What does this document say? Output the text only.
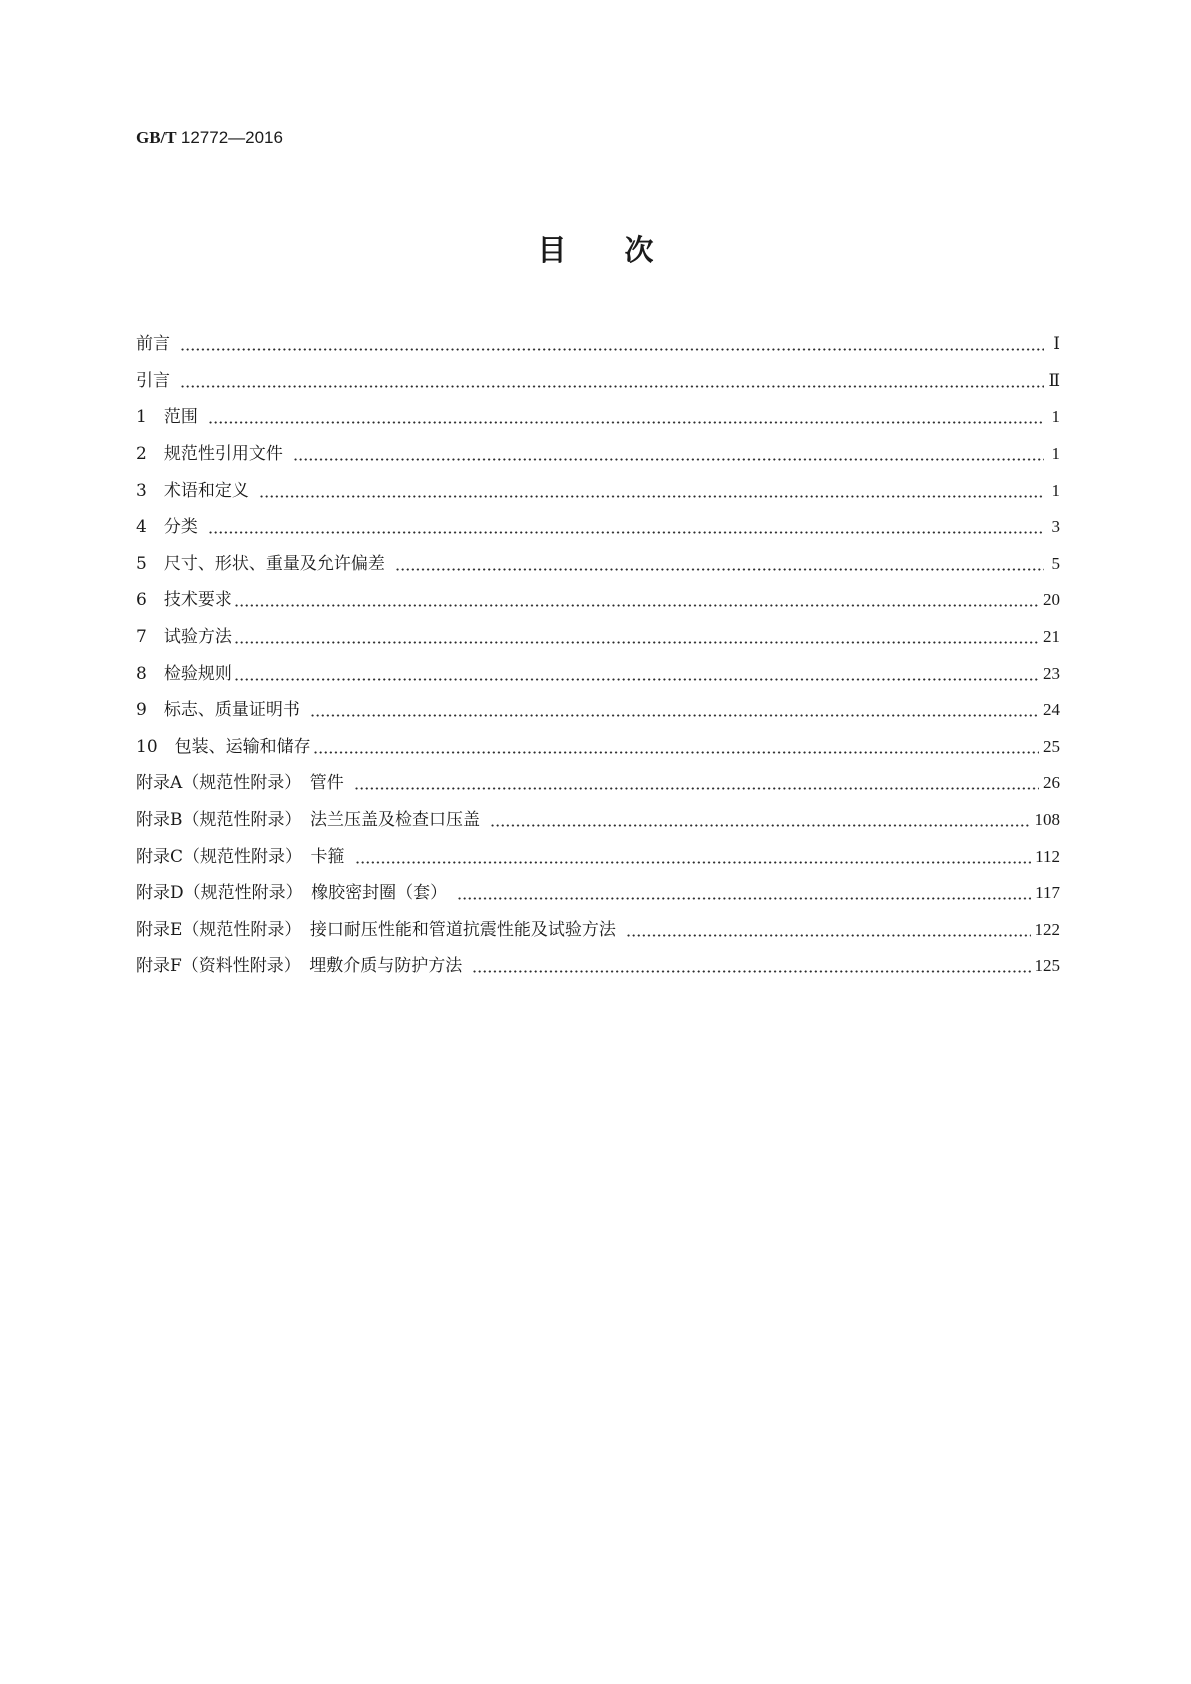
GB/T 12772—2016
目次
前言	Ⅰ
引言	Ⅱ
1　范围	1
2　规范性引用文件	1
3　术语和定义	1
4　分类	3
5　尺寸、形状、重量及允许偏差	5
6　技术要求	20
7　试验方法	21
8　检验规则	23
9　标志、质量证明书	24
10　包装、运输和储存	25
附录A（规范性附录）　管件	26
附录B（规范性附录）　法兰压盖及检查口压盖	108
附录C（规范性附录）　卡箍	112
附录D（规范性附录）　橡胶密封圈（套）	117
附录E（规范性附录）　接口耐压性能和管道抗震性能及试验方法	122
附录F（资料性附录）　埋敷介质与防护方法	125
